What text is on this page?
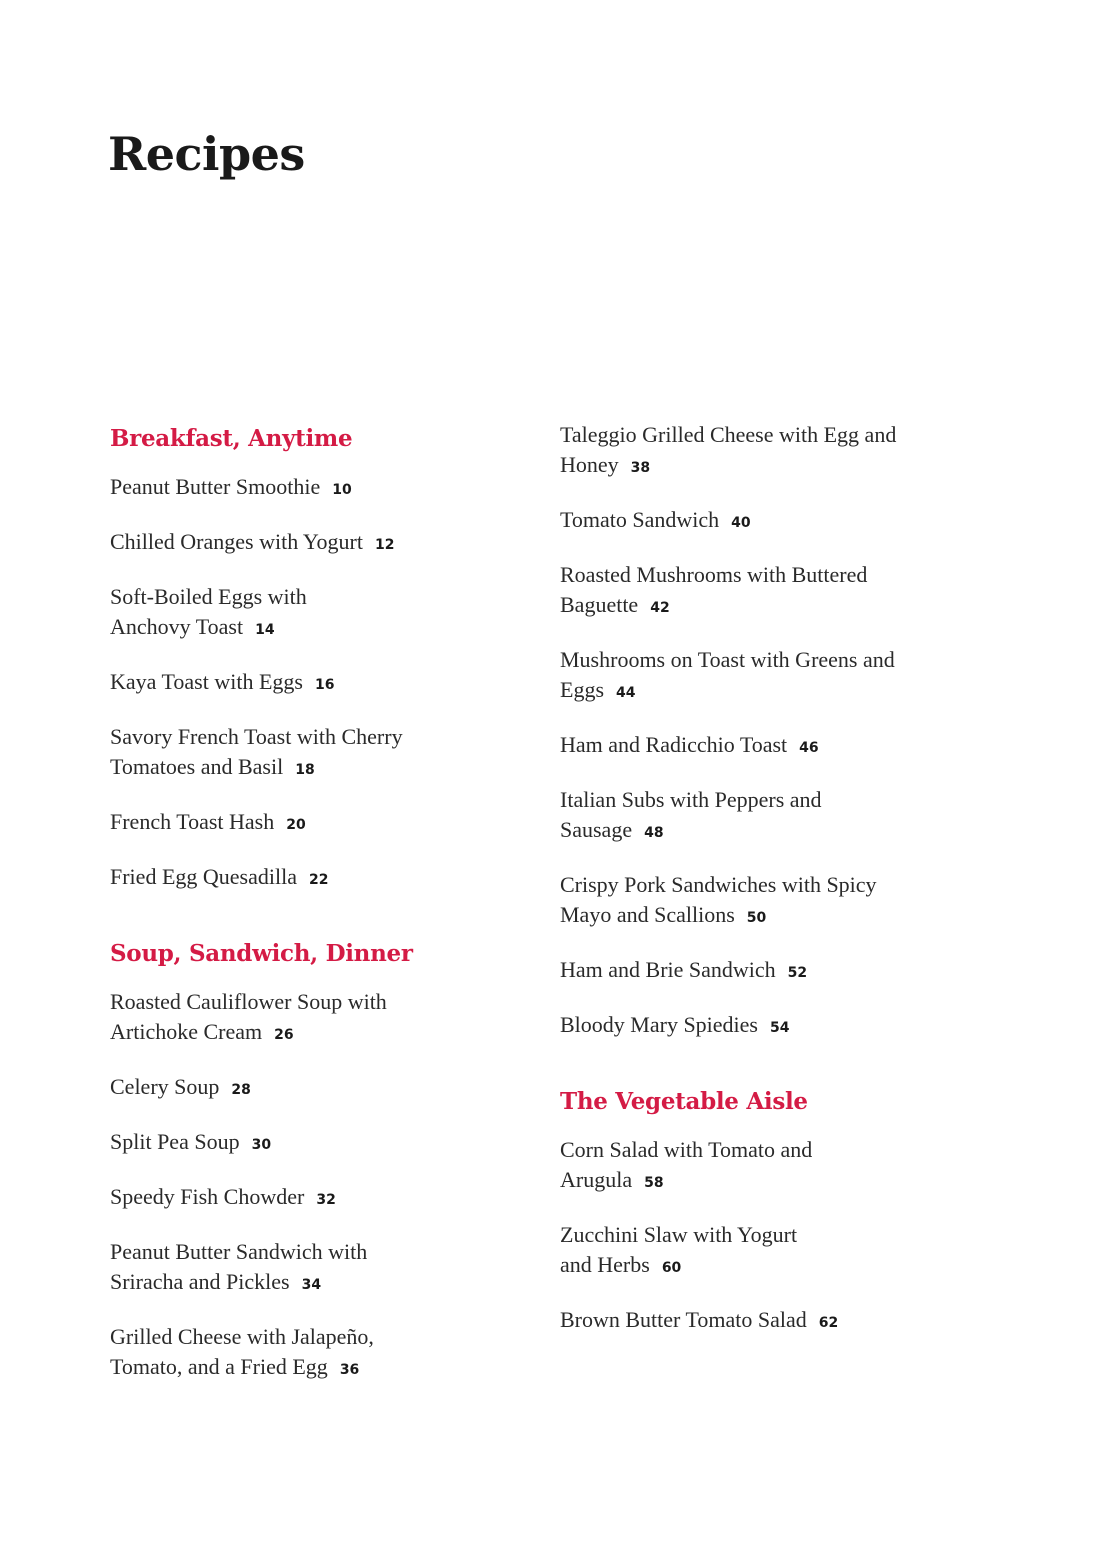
Recipes
Breakfast, Anytime
Peanut Butter Smoothie 10
Chilled Oranges with Yogurt 12
Soft-Boiled Eggs with Anchovy Toast 14
Kaya Toast with Eggs 16
Savory French Toast with Cherry Tomatoes and Basil 18
French Toast Hash 20
Fried Egg Quesadilla 22
Soup, Sandwich, Dinner
Roasted Cauliflower Soup with Artichoke Cream 26
Celery Soup 28
Split Pea Soup 30
Speedy Fish Chowder 32
Peanut Butter Sandwich with Sriracha and Pickles 34
Grilled Cheese with Jalapeño, Tomato, and a Fried Egg 36
Taleggio Grilled Cheese with Egg and Honey 38
Tomato Sandwich 40
Roasted Mushrooms with Buttered Baguette 42
Mushrooms on Toast with Greens and Eggs 44
Ham and Radicchio Toast 46
Italian Subs with Peppers and Sausage 48
Crispy Pork Sandwiches with Spicy Mayo and Scallions 50
Ham and Brie Sandwich 52
Bloody Mary Spiedies 54
The Vegetable Aisle
Corn Salad with Tomato and Arugula 58
Zucchini Slaw with Yogurt and Herbs 60
Brown Butter Tomato Salad 62
